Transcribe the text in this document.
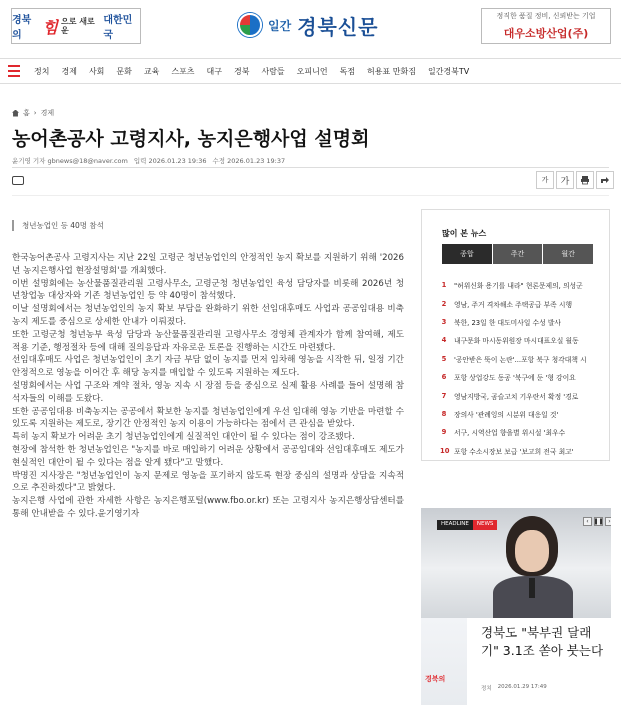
경북의	힘 으로 새로운
대한민국
일간 경북신문	정직한 품질 정비, 신뢰받는 기업
대우소방산업(주)
정치	경제	사회	문화	교육	스포츠	대구	경북	사람들	오피니언	독점	허용표 만화짐	일간경북TV
홈 › 경제
농어촌공사 고령지사, 농지은행사업 설명회
윤기영 기자 gbnews@18@naver.com 입력 2026.01.23 19:36 수정 2026.01.23 19:37
가	가
청년농업인 등 40명 참석

한국농어촌공사 고령지사는 지난 22일 고령군 청년농업인의 안정적인 농지 확보를 지원하기 위해 '2026년 농지은행사업 현장설명회'를 개최했다.

이번 설명회에는 농산물품질관리원 고령사무소, 고령군청 청년농업인 육성 담당자를 비롯해 2026년 청년창업농 대상자와 기존 청년농업인 등 약 40명이 참석했다.

이날 설명회에서는 청년농업인의 농지 확보 부담을 완화하기 위한 선임대후매도 사업과 공공임대용 비축농지 제도를 중심으로 상세한 안내가 이뤄졌다.

또한 고령군청 청년농부 육성 담당과 농산물품질관리원 고령사무소 경영체 관계자가 함께 참여해, 제도 적용 기준, 행정절차 등에 대해 질의응답과 자유로운 토론을 진행하는 시간도 마련됐다.

선임대후매도 사업은 청년농업인이 초기 자금 부담 없이 농지를 먼저 임차해 영농을 시작한 뒤, 일정 기간 안정적으로 영농을 이어간 후 해당 농지를 매입할 수 있도록 지원하는 제도다.

설명회에서는 사업 구조와 계약 절차, 영농 지속 시 장점 등을 중심으로 실제 활용 사례를 들어 설명해 참석자들의 이해를 도왔다.

또한 공공임대용 비축농지는 공공에서 확보한 농지를 청년농업인에게 우선 임대해 영농 기반을 마련할 수 있도록 지원하는 제도로, 장기간 안정적인 농지 이용이 가능하다는 점에서 큰 관심을 받았다.

특히 농지 확보가 어려운 초기 청년농업인에게 실질적인 대안이 될 수 있다는 점이 강조됐다.

현장에 참석한 한 청년농업인은 "농지를 바로 매입하기 어려운 상황에서 공공임대와 선임대후매도 제도가 현실적인 대안이 될 수 있다는 점을 알게 됐다"고 말했다.

박명진 지사장은 "청년농업인이 농지 문제로 영농을 포기하지 않도록 현장 중심의 설명과 상담을 지속적으로 추진하겠다"고 밝혔다.

농지은행 사업에 관한 자세한 사항은 농지은행포털(www.fbo.or.kr) 또는 고령지사 농지은행상담센터를 통해 안내받을 수 있다.윤기영기자

많이 본 뉴스
종합	주간	월간
1 "허위신화 용기를 내라" 현론문제의, 의성군
2 영남, 주거 격차해소 주택공급 부족 시행
3 북한, 23일 한 대도미사일 수성 발사
4 내구문화 마시동위원장 마시대표오실 월동
5 '공안받은 뚝이 논란'...포항 북구 청각대책 시
6 포항 상업강도 동공 '북구에 둔 '형 강이요
7 영남지방국, 곰슬고치 기우란서 확정 '경로
8 장의사 '관례잉의 시분위 대응일 것'
9 서구, 시역산업 향을별 위시설 '최우수
10 포항 수소시장보 보급 '보고희 전국 최고'
HEADLINE	NEWS	‹ ❚❚ ›
경북의
경북도 "북부권 달래기" 3.1조 쏟아 붓는다
정치 2026.01.29 17:49
